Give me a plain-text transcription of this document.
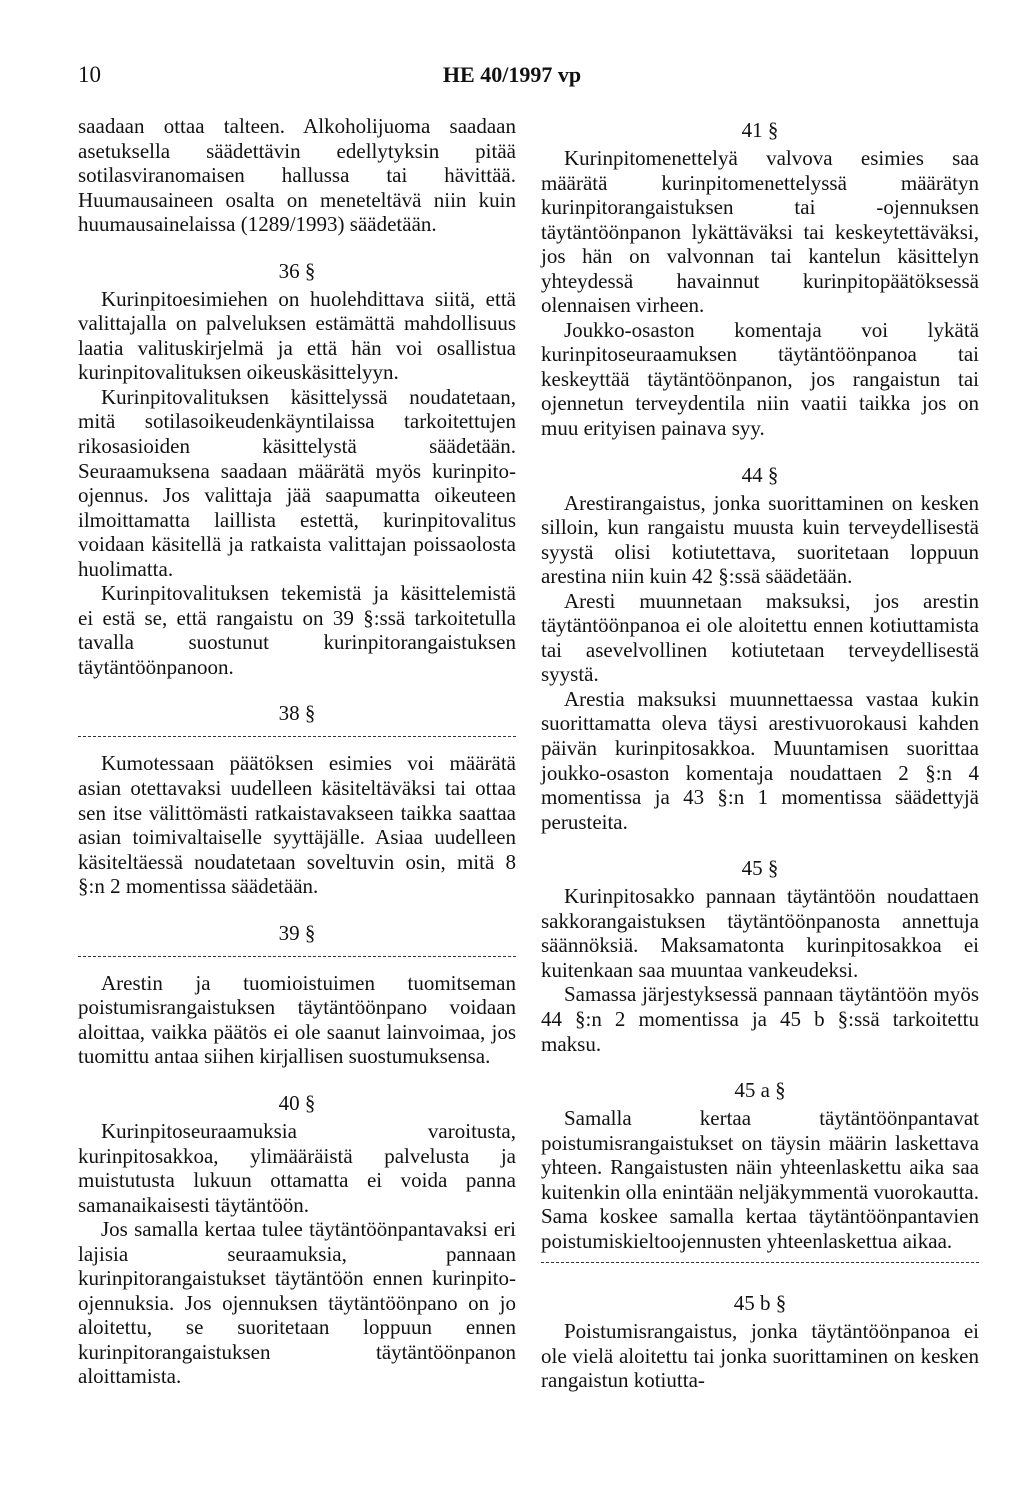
10	HE 40/1997 vp

saadaan ottaa talteen. Alkoholijuoma saadaan asetuksella säädettävin edellytyksin pitää sotilasviranomaisen hallussa tai hävittää. Huumausaineen osalta on meneteltävä niin kuin huumausainelaissa (1289/1993) säädetään.

36 §

Kurinpitoesimiehen on huolehdittava siitä, että valittajalla on palveluksen estämättä mahdollisuus laatia valituskirjelmä ja että hän voi osallistua kurinpitovalituksen oikeuskäsittelyyn.

Kurinpitovalituksen käsittelyssä noudatetaan, mitä sotilasoikeudenkäyntilaissa tarkoitettujen rikosasioiden käsittelystä säädetään. Seuraamuksena saadaan määrätä myös kurinpito-ojennus. Jos valittaja jää saapumatta oikeuteen ilmoittamatta laillista estettä, kurinpitovalitus voidaan käsitellä ja ratkaista valittajan poissaolosta huolimatta.

Kurinpitovalituksen tekemistä ja käsittelemistä ei estä se, että rangaistu on 39 §:ssä tarkoitetulla tavalla suostunut kurinpitorangaistuksen täytäntöönpanoon.

38 §

Kumotessaan päätöksen esimies voi määrätä asian otettavaksi uudelleen käsiteltäväksi tai ottaa sen itse välittömästi ratkaistavakseen taikka saattaa asian toimivaltaiselle syyttäjälle. Asiaa uudelleen käsiteltäessä noudatetaan soveltuvin osin, mitä 8 §:n 2 momentissa säädetään.

39 §

Arestin ja tuomioistuimen tuomitseman poistumisrangaistuksen täytäntöönpano voidaan aloittaa, vaikka päätös ei ole saanut lainvoimaa, jos tuomittu antaa siihen kirjallisen suostumuksensa.

40 §

Kurinpitoseuraamuksia varoitusta, kurinpitosakkoa, ylimääräistä palvelusta ja muistutusta lukuun ottamatta ei voida panna samanaikaisesti täytäntöön.

Jos samalla kertaa tulee täytäntöönpantavaksi eri lajisia seuraamuksia, pannaan kurinpitorangaistukset täytäntöön ennen kurinpito-ojennuksia. Jos ojennuksen täytäntöönpano on jo aloitettu, se suoritetaan loppuun ennen kurinpitorangaistuksen täytäntöönpanon aloittamista.

41 §

Kurinpitomenettelyä valvova esimies saa määrätä kurinpitomenettelyssä määrätyn kurinpitorangaistuksen tai -ojennuksen täytäntöönpanon lykättäväksi tai keskeytettäväksi, jos hän on valvonnan tai kantelun käsittelyn yhteydessä havainnut kurinpitopäätöksessä olennaisen virheen.

Joukko-osaston komentaja voi lykätä kurinpitoseuraamuksen täytäntöönpanoa tai keskeyttää täytäntöönpanon, jos rangaistun tai ojennetun terveydentila niin vaatii taikka jos on muu erityisen painava syy.

44 §

Arestirangaistus, jonka suorittaminen on kesken silloin, kun rangaistu muusta kuin terveydellisestä syystä olisi kotiutettava, suoritetaan loppuun arestina niin kuin 42 §:ssä säädetään.

Aresti muunnetaan maksuksi, jos arestin täytäntöönpanoa ei ole aloitettu ennen kotiuttamista tai asevelvollinen kotiutetaan terveydellisestä syystä.

Arestia maksuksi muunnettaessa vastaa kukin suorittamatta oleva täysi arestivuorokausi kahden päivän kurinpitosakkoa. Muuntamisen suorittaa joukko-osaston komentaja noudattaen 2 §:n 4 momentissa ja 43 §:n 1 momentissa säädettyjä perusteita.

45 §

Kurinpitosakko pannaan täytäntöön noudattaen sakkorangaistuksen täytäntöönpanosta annettuja säännöksiä. Maksamatonta kurinpitosakkoa ei kuitenkaan saa muuntaa vankeudeksi.

Samassa järjestyksessä pannaan täytäntöön myös 44 §:n 2 momentissa ja 45 b §:ssä tarkoitettu maksu.

45 a §

Samalla kertaa täytäntöönpantavat poistumisrangaistukset on täysin määrin laskettava yhteen. Rangaistusten näin yhteenlaskettu aika saa kuitenkin olla enintään neljäkymmentä vuorokautta. Sama koskee samalla kertaa täytäntöönpantavien poistumiskieltoojennusten yhteenlaskettua aikaa.

45 b §

Poistumisrangaistus, jonka täytäntöönpanoa ei ole vielä aloitettu tai jonka suorittaminen on kesken rangaistun kotiutta-
